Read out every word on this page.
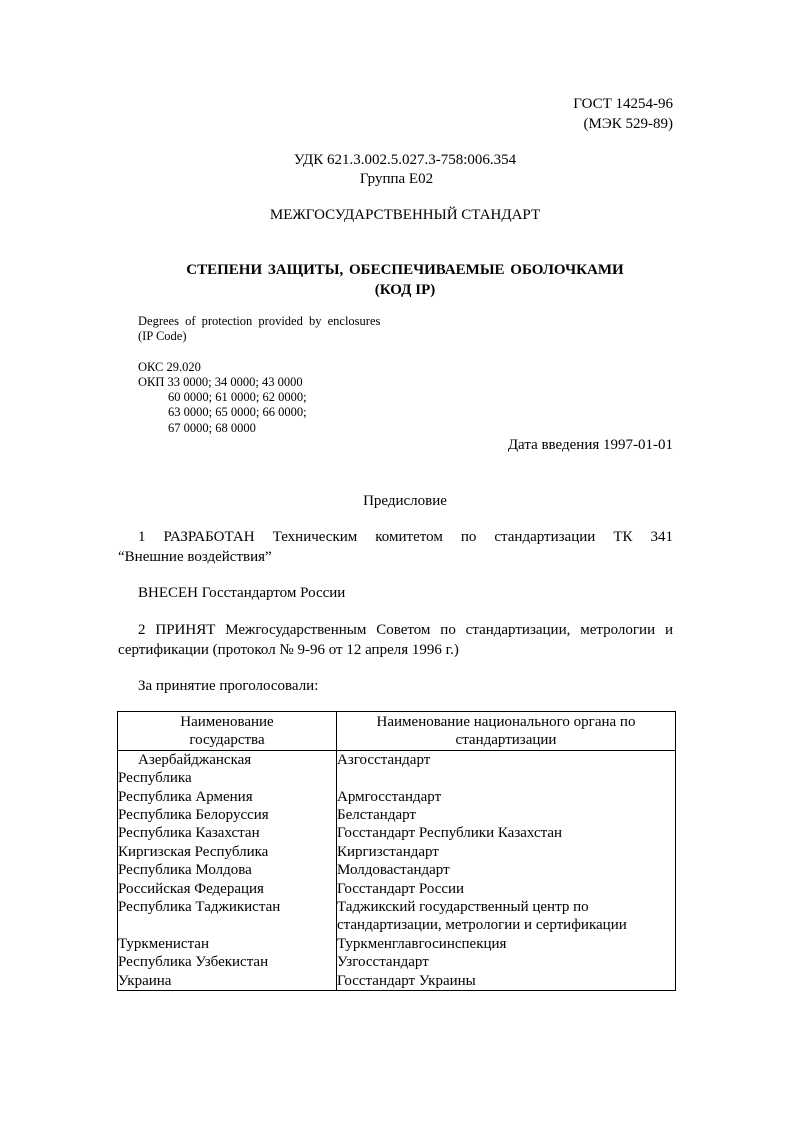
ГОСТ 14254-96
(МЭК 529-89)
УДК 621.3.002.5.027.3-758:006.354
Группа Е02
МЕЖГОСУДАРСТВЕННЫЙ СТАНДАРТ
СТЕПЕНИ ЗАЩИТЫ, ОБЕСПЕЧИВАЕМЫЕ ОБОЛОЧКАМИ
(КОД IP)
Degrees of protection provided by enclosures
(IP Code)
ОКС 29.020
ОКП 33 0000; 34 0000; 43 0000
60 0000; 61 0000; 62 0000;
63 0000; 65 0000; 66 0000;
67 0000; 68 0000
Дата введения 1997-01-01
Предисловие
1 РАЗРАБОТАН Техническим комитетом по стандартизации ТК 341
“Внешние воздействия”
ВНЕСЕН Госстандартом России
2 ПРИНЯТ Межгосударственным Советом по стандартизации, метрологии и
сертификации (протокол № 9-96 от 12 апреля 1996 г.)
За принятие проголосовали:
Наименование
государства	Наименование национального органа по
стандартизации
Азербайджанская Республика	Азгосстандарт
Республика Армения	Армгосстандарт
Республика Белоруссия	Белстандарт
Республика Казахстан	Госстандарт Республики Казахстан
Киргизская Республика	Киргизстандарт
Республика Молдова	Молдовастандарт
Российская Федерация	Госстандарт России
Республика Таджикистан	Таджикский государственный центр по стандартизации, метрологии и сертификации
Туркменистан	Туркменглавгосинспекция
Республика Узбекистан	Узгосстандарт
Украина	Госстандарт Украины
